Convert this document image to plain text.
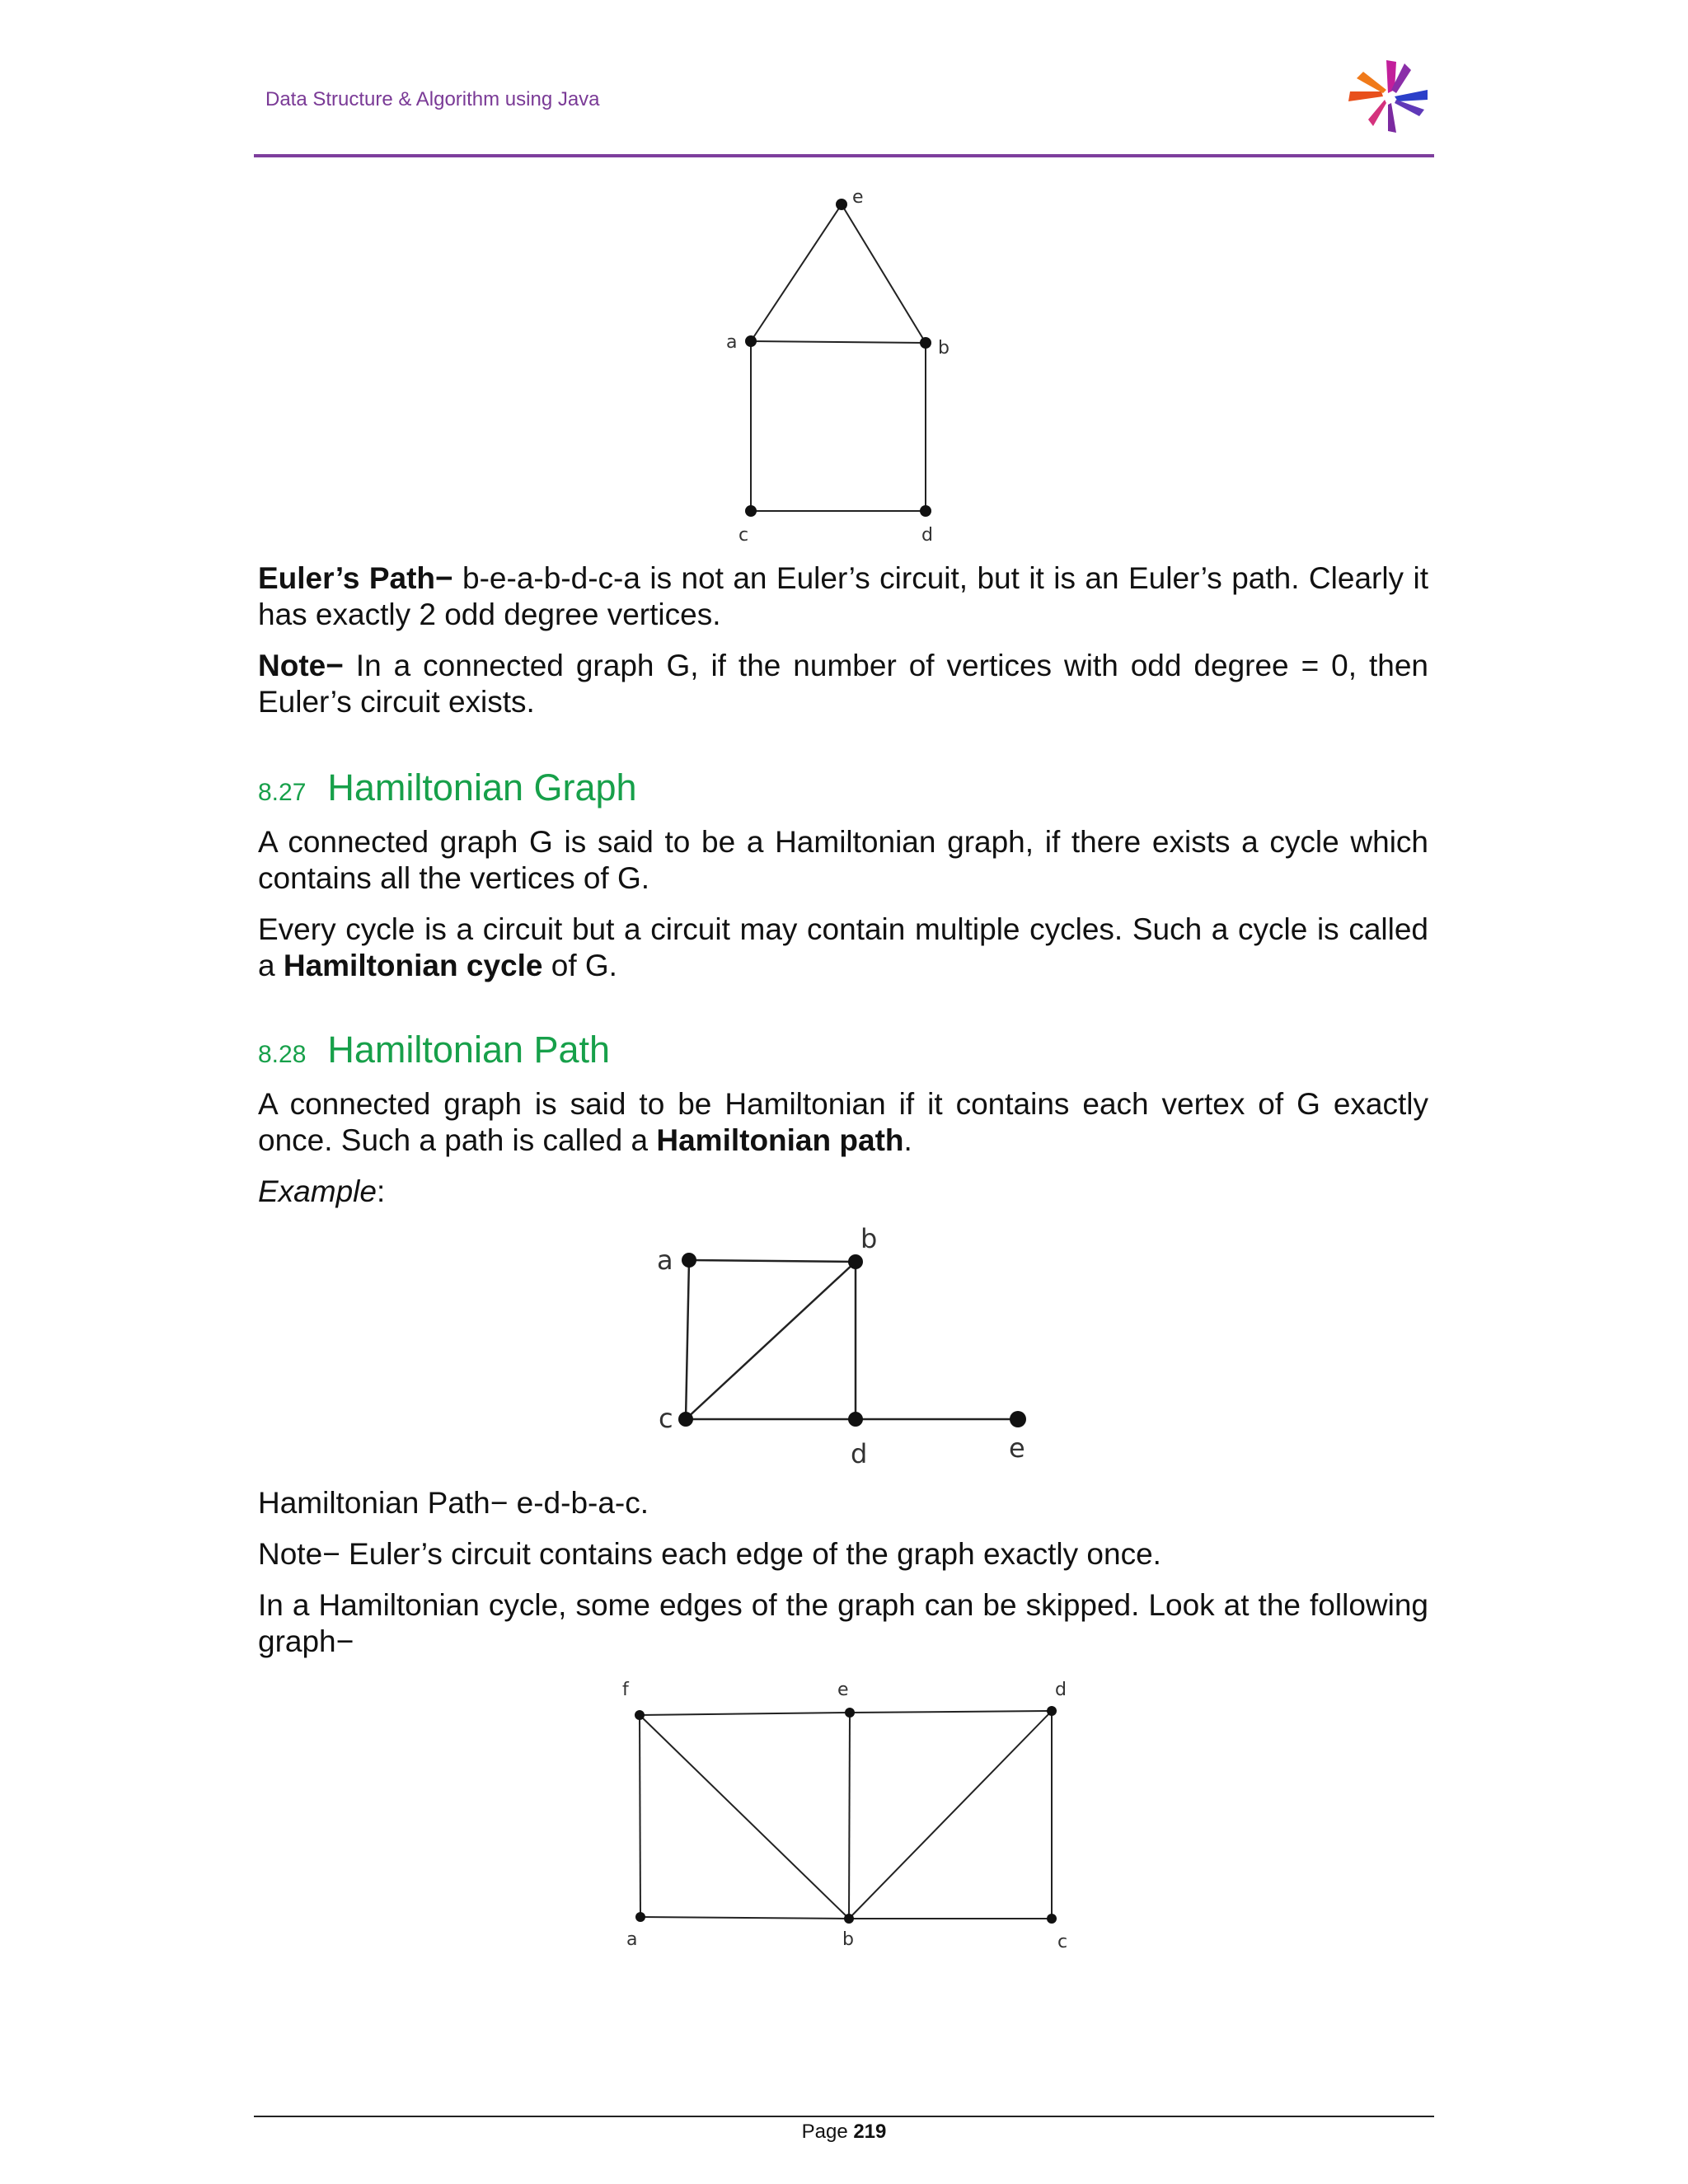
Data Structure & Algorithm using Java
e
a	b
c	d

Euler’s Path− b-e-a-b-d-c-a is not an Euler’s circuit, but it is an Euler’s path. Clearly it has exactly 2 odd degree vertices.

Note− In a connected graph G, if the number of vertices with odd degree = 0, then Euler’s circuit exists.

8.27 Hamiltonian Graph

A connected graph G is said to be a Hamiltonian graph, if there exists a cycle which contains all the vertices of G.

Every cycle is a circuit but a circuit may contain multiple cycles. Such a cycle is called a Hamiltonian cycle of G.

8.28 Hamiltonian Path

A connected graph is said to be Hamiltonian if it contains each vertex of G exactly once. Such a path is called a Hamiltonian path.

Example:

a
b
c
d	e

Hamiltonian Path− e-d-b-a-c.

Note− Euler’s circuit contains each edge of the graph exactly once.

In a Hamiltonian cycle, some edges of the graph can be skipped. Look at the following graph−

f	e	d
a	b	c
Page 219
